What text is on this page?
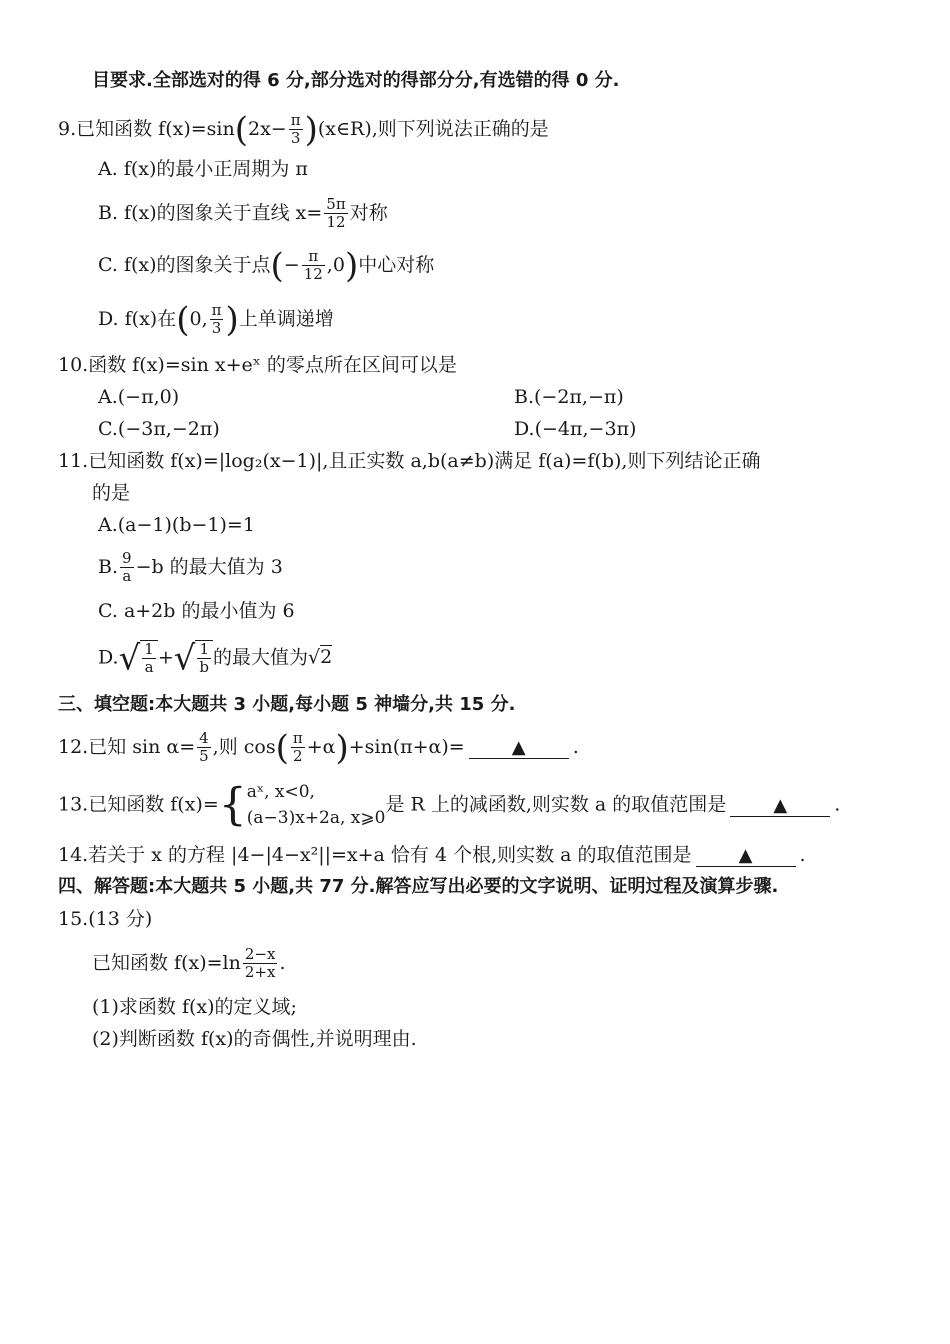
目要求.全部选对的得 6 分,部分选对的得部分分,有选错的得 0 分.
9.已知函数 $f(x)=\sin(2x- \frac{\pi}{3}$ )(x∈R),则下列说法正确的是
A. f(x)的最小正周期为 π
B. f(x)的图象关于直线 $x= \frac{5\pi}{12}$ 对称
C. f(x)的图象关于点(− $\frac{\pi}{12} ,0$)中心对称
D. f(x)在(0, $\frac{\pi}{3}$ )上单调递增
10.函数 f(x)=sin x+eˣ 的零点所在区间可以是
A.(−π,0)	B.(−2π,−π)
C.(−3π,−2π)	D.(−4π,−3π)
11.已知函数 f(x)=|log₂(x−1)|,且正实数 a,b(a≠b)满足 f(a)=f(b),则下列结论正确
的是
A.(a−1)(b−1)=1
B. $\frac{9}{a} -b$ 的最大值为 3
C. a+2b 的最小值为 6
$D.√ \frac{1}{a}$ +√ $\frac{1}{b}$ 的最大值为√2
三、填空题:本大题共 3 小题,每小题 5 神墙分,共 15 分.
12.已知 $\sin \alpha= \frac{4}{5}$ ,则 $\cos( \frac{\pi}{2} +\alpha)+\sin(\pi+\alpha)=$	▲ .
13.已知函数 f(x)={ aˣ, x<0,
(a−3)x+2a, x⩾0
是 R 上的减函数,则实数 a 的取值范围是	▲ .
14.若关于 x 的方程 |4−|4−x²||=x+a 恰有 4 个根,则实数 a 的取值范围是	▲ .
四、解答题:本大题共 5 小题,共 77 分.解答应写出必要的文字说明、证明过程及演算步骤.
15.(13 分)
已知函数 $f(x)=\ln \frac{2-x}{2+x}$ .
(1)求函数 f(x)的定义域;
(2)判断函数 f(x)的奇偶性,并说明理由.
